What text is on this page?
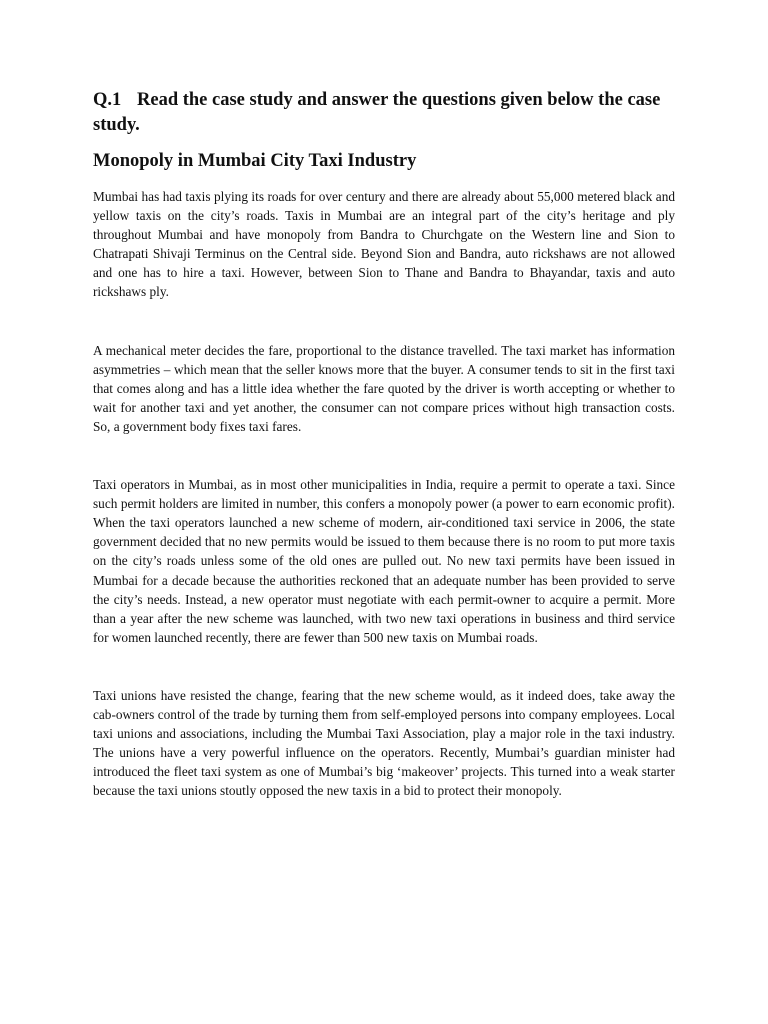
Q.1 Read the case study and answer the questions given below the case study.
Monopoly in Mumbai City Taxi Industry

Mumbai has had taxis plying its roads for over century and there are already about 55,000 metered black and yellow taxis on the city’s roads. Taxis in Mumbai are an integral part of the city’s heritage and ply throughout Mumbai and have monopoly from Bandra to Churchgate on the Western line and Sion to Chatrapati Shivaji Terminus on the Central side. Beyond Sion and Bandra, auto rickshaws are not allowed and one has to hire a taxi. However, between Sion to Thane and Bandra to Bhayandar, taxis and auto rickshaws ply.

A mechanical meter decides the fare, proportional to the distance travelled. The taxi market has information asymmetries – which mean that the seller knows more that the buyer. A consumer tends to sit in the first taxi that comes along and has a little idea whether the fare quoted by the driver is worth accepting or whether to wait for another taxi and yet another, the consumer can not compare prices without high transaction costs. So, a government body fixes taxi fares.

Taxi operators in Mumbai, as in most other municipalities in India, require a permit to operate a taxi. Since such permit holders are limited in number, this confers a monopoly power (a power to earn economic profit). When the taxi operators launched a new scheme of modern, air-conditioned taxi service in 2006, the state government decided that no new permits would be issued to them because there is no room to put more taxis on the city’s roads unless some of the old ones are pulled out. No new taxi permits have been issued in Mumbai for a decade because the authorities reckoned that an adequate number has been provided to serve the city’s needs. Instead, a new operator must negotiate with each permit-owner to acquire a permit. More than a year after the new scheme was launched, with two new taxi operations in business and third service for women launched recently, there are fewer than 500 new taxis on Mumbai roads.

Taxi unions have resisted the change, fearing that the new scheme would, as it indeed does, take away the cab-owners control of the trade by turning them from self-employed persons into company employees. Local taxi unions and associations, including the Mumbai Taxi Association, play a major role in the taxi industry. The unions have a very powerful influence on the operators. Recently, Mumbai’s guardian minister had introduced the fleet taxi system as one of Mumbai’s big ‘makeover’ projects. This turned into a weak starter because the taxi unions stoutly opposed the new taxis in a bid to protect their monopoly.
